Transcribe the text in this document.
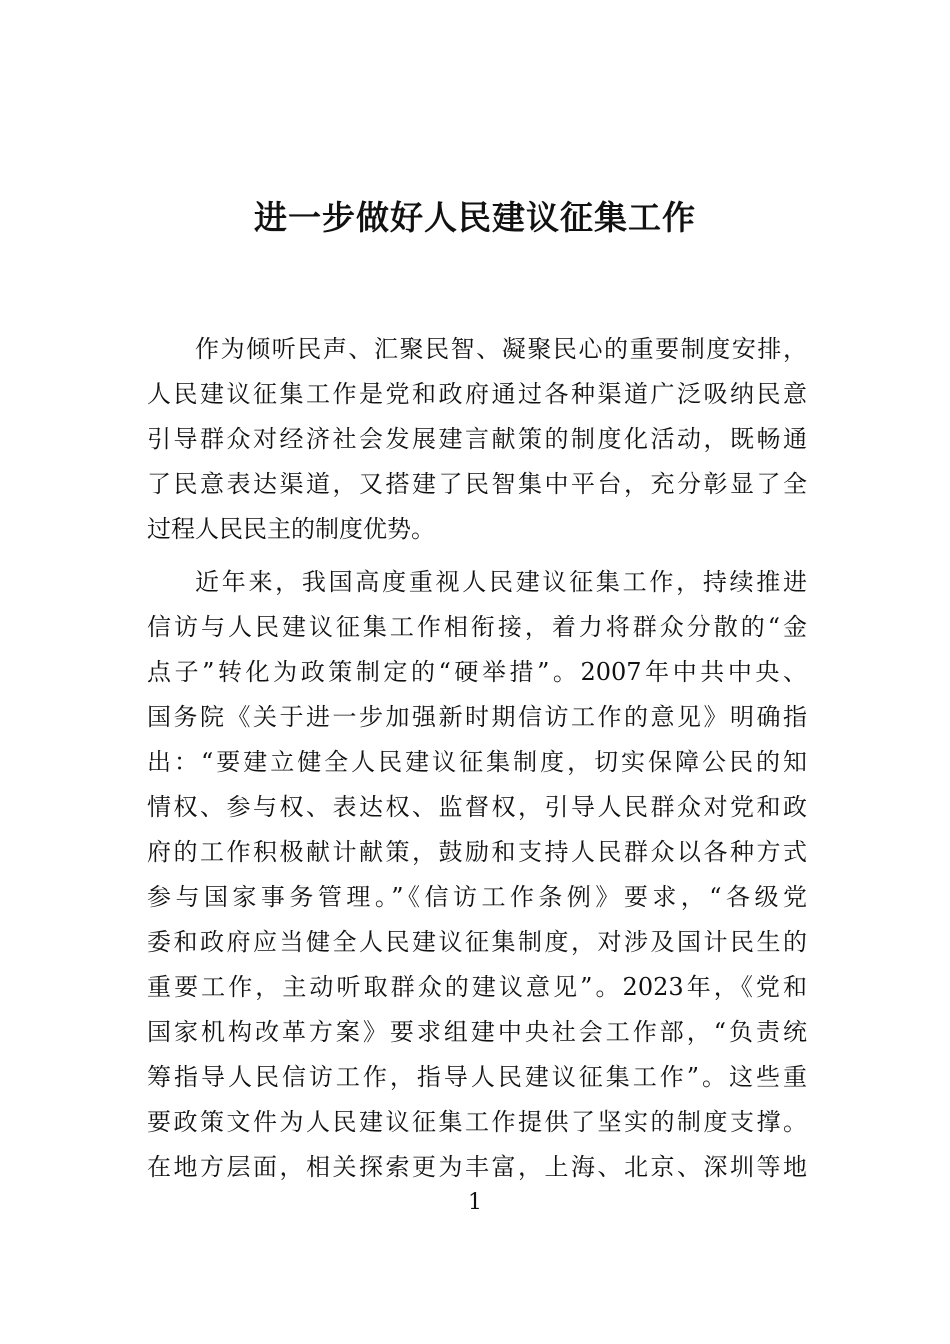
进一步做好人民建议征集工作
作为倾听民声、汇聚民智、凝聚民心的重要制度安排，
人民建议征集工作是党和政府通过各种渠道广泛吸纳民意
引导群众对经济社会发展建言献策的制度化活动，既畅通
了民意表达渠道，又搭建了民智集中平台，充分彰显了全
过程人民民主的制度优势。
近年来，我国高度重视人民建议征集工作，持续推进
信访与人民建议征集工作相衔接，着力将群众分散的“金
点子”转化为政策制定的“硬举措”。2007年中共中央、
国务院《关于进一步加强新时期信访工作的意见》明确指
出：“要建立健全人民建议征集制度，切实保障公民的知
情权、参与权、表达权、监督权，引导人民群众对党和政
府的工作积极献计献策，鼓励和支持人民群众以各种方式
参与国家事务管理。”《信访工作条例》要求，“各级党
委和政府应当健全人民建议征集制度，对涉及国计民生的
重要工作，主动听取群众的建议意见”。2023年，《党和
国家机构改革方案》要求组建中央社会工作部，“负责统
筹指导人民信访工作，指导人民建议征集工作”。这些重
要政策文件为人民建议征集工作提供了坚实的制度支撑。
在地方层面，相关探索更为丰富，上海、北京、深圳等地
1
